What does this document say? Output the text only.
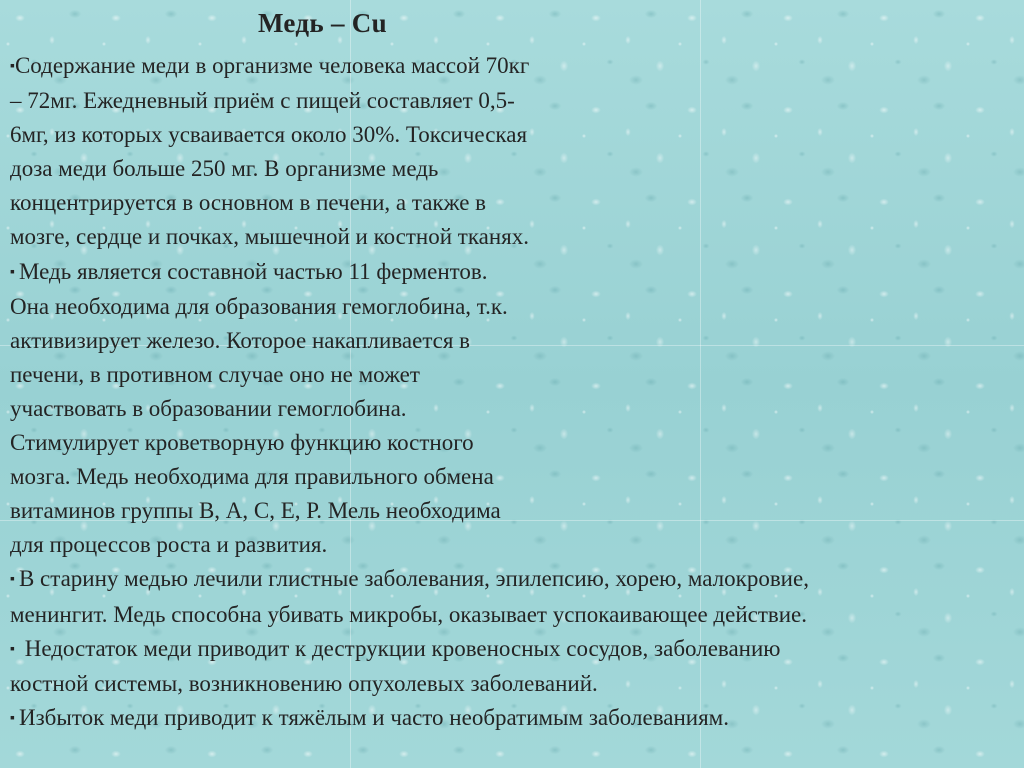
Медь – Cu
▪Содержание меди в организме человека массой 70кг
– 72мг. Ежедневный приём с пищей составляет 0,5-
6мг, из которых усваивается около 30%. Токсическая
доза меди больше 250 мг. В организме медь
концентрируется в основном в печени, а также в
мозге, сердце и почках, мышечной и костной тканях.
▪ Медь является составной частью 11 ферментов.
Она необходима для образования гемоглобина, т.к.
активизирует железо. Которое накапливается в
печени, в противном случае оно не может
участвовать в образовании гемоглобина.
Стимулирует кроветворную функцию костного
мозга. Медь необходима для правильного обмена
витаминов группы В, А, С, Е, Р. Мель необходима
для процессов роста и развития.
▪ В старину медью лечили глистные заболевания, эпилепсию, хорею, малокровие,
менингит. Медь способна убивать микробы, оказывает успокаивающее действие.
▪ Недостаток меди приводит к деструкции кровеносных сосудов, заболеванию
костной системы, возникновению опухолевых заболеваний.
▪ Избыток меди приводит к тяжёлым и часто необратимым заболеваниям.
